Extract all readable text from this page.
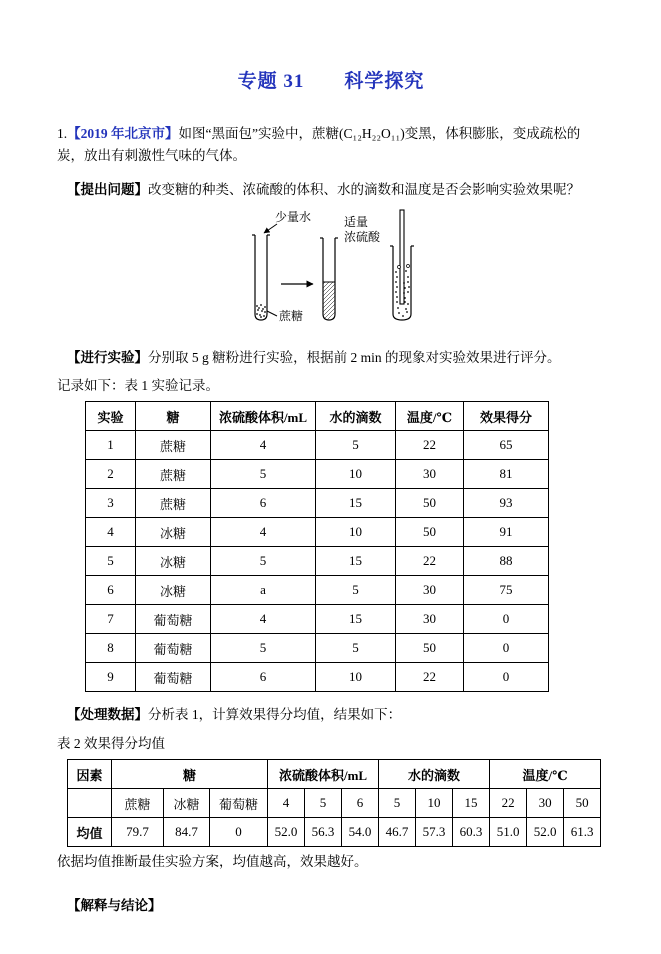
专题 31　　科学探究

1.【2019 年北京市】如图“黑面包”实验中，蔗糖(C₁₂H₂₂O₁₁)变黑，体积膨胀，变成疏松的炭，放出有刺激性气味的气体。

【提出问题】改变糖的种类、浓硫酸的体积、水的滴数和温度是否会影响实验效果呢？

少量水
蔗糖
适量
浓硫酸

【进行实验】分别取 5 g 糖粉进行实验，根据前 2 min 的现象对实验效果进行评分。

记录如下：表 1 实验记录。

实验	糖	浓硫酸体积/mL	水的滴数	温度/℃	效果得分
1	蔗糖	4	5	22	65
2	蔗糖	5	10	30	81
3	蔗糖	6	15	50	93
4	冰糖	4	10	50	91
5	冰糖	5	15	22	88
6	冰糖	a	5	30	75
7	葡萄糖	4	15	30	0
8	葡萄糖	5	5	50	0
9	葡萄糖	6	10	22	0

【处理数据】分析表 1，计算效果得分均值，结果如下：

表 2 效果得分均值

因素	糖			浓硫酸体积/mL			水的滴数			温度/℃		
	蔗糖	冰糖	葡萄糖	4	5	6	5	10	15	22	30	50
均值	79.7	84.7	0	52.0	56.3	54.0	46.7	57.3	60.3	51.0	52.0	61.3

依据均值推断最佳实验方案，均值越高，效果越好。

【解释与结论】
